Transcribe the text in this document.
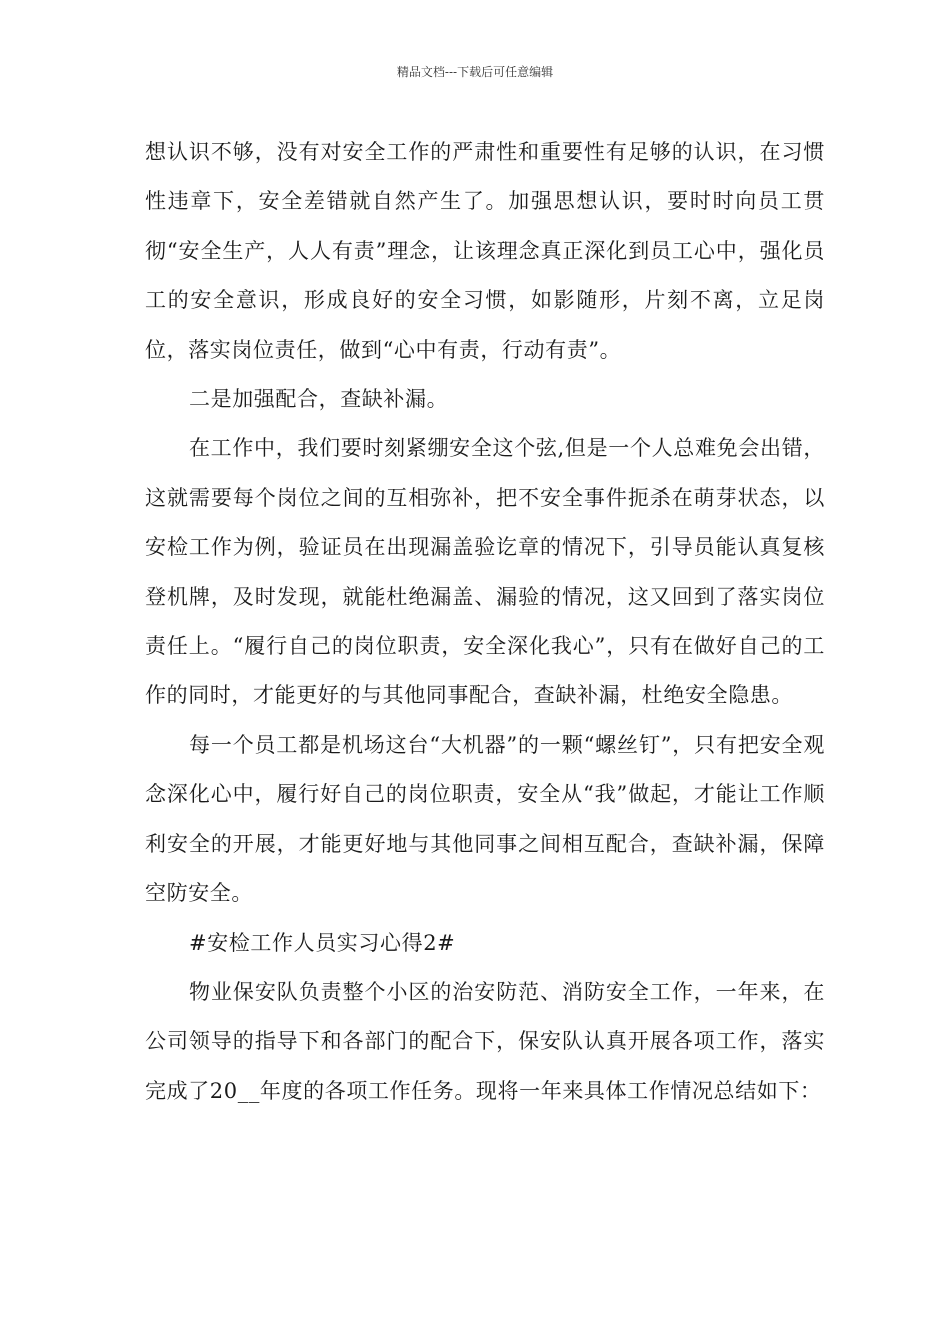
精品文档---下载后可任意编辑

想认识不够，没有对安全工作的严肃性和重要性有足够的认识，在习惯性违章下，安全差错就自然产生了。加强思想认识，要时时向员工贯彻“安全生产，人人有责”理念，让该理念真正深化到员工心中，强化员工的安全意识，形成良好的安全习惯，如影随形，片刻不离，立足岗位，落实岗位责任，做到“心中有责，行动有责”。

二是加强配合，查缺补漏。

在工作中，我们要时刻紧绷安全这个弦,但是一个人总难免会出错，这就需要每个岗位之间的互相弥补，把不安全事件扼杀在萌芽状态，以安检工作为例，验证员在出现漏盖验讫章的情况下，引导员能认真复核登机牌，及时发现，就能杜绝漏盖、漏验的情况，这又回到了落实岗位责任上。“履行自己的岗位职责，安全深化我心”，只有在做好自己的工作的同时，才能更好的与其他同事配合，查缺补漏，杜绝安全隐患。

每一个员工都是机场这台“大机器”的一颗“螺丝钉”，只有把安全观念深化心中，履行好自己的岗位职责，安全从“我”做起，才能让工作顺利安全的开展，才能更好地与其他同事之间相互配合，查缺补漏，保障空防安全。

#安检工作人员实习心得2#

物业保安队负责整个小区的治安防范、消防安全工作，一年来，在公司领导的指导下和各部门的配合下，保安队认真开展各项工作，落实完成了20__年度的各项工作任务。现将一年来具体工作情况总结如下：
